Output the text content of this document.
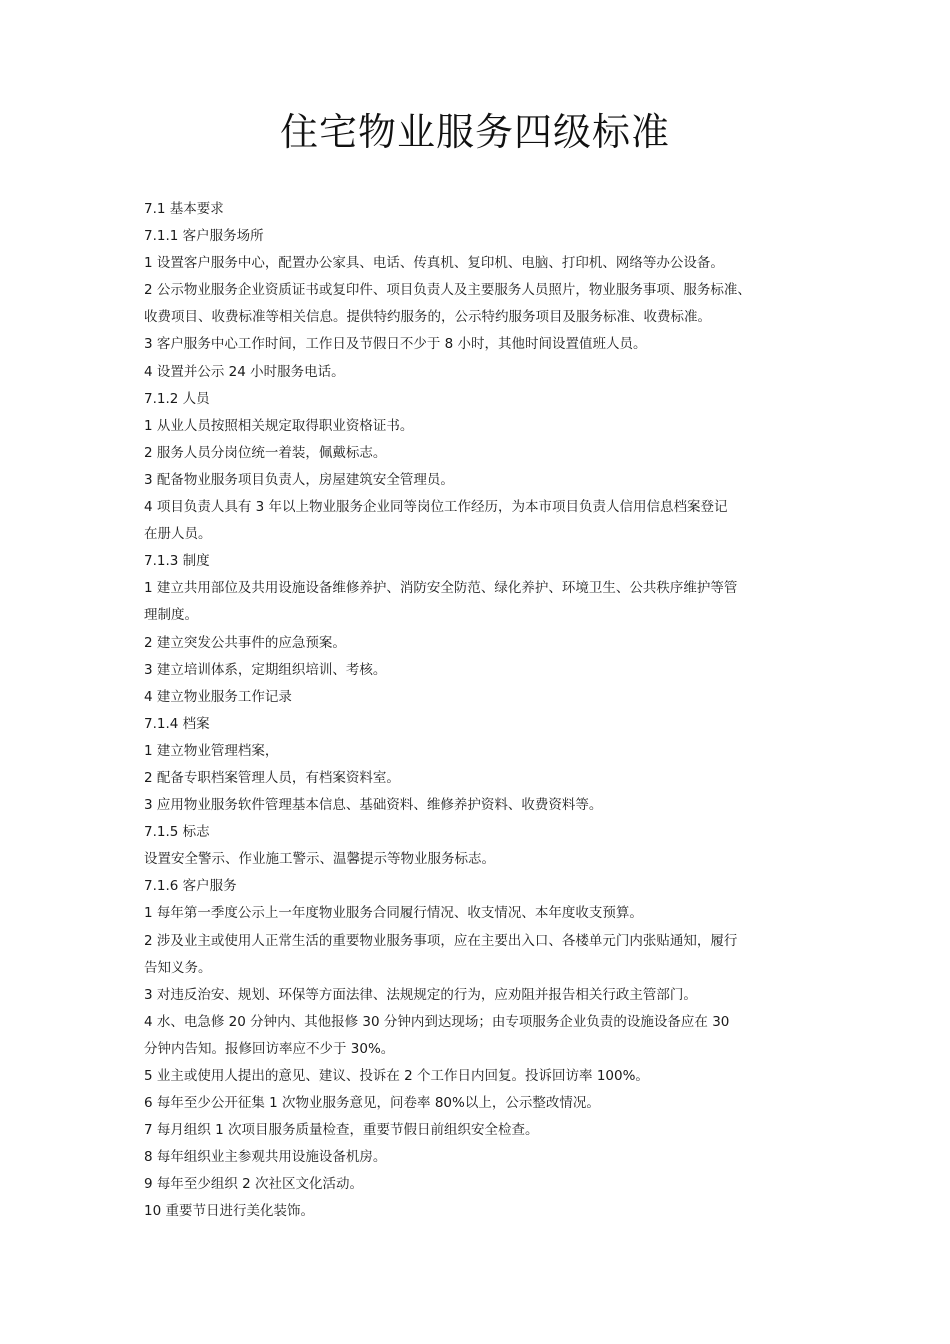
住宅物业服务四级标准

7.1 基本要求

7.1.1 客户服务场所

1 设置客户服务中心，配置办公家具、电话、传真机、复印机、电脑、打印机、网络等办公设备。

2 公示物业服务企业资质证书或复印件、项目负责人及主要服务人员照片，物业服务事项、服务标准、

收费项目、收费标准等相关信息。提供特约服务的，公示特约服务项目及服务标准、收费标准。

3 客户服务中心工作时间，工作日及节假日不少于 8 小时，其他时间设置值班人员。

4 设置并公示 24 小时服务电话。

7.1.2 人员

1 从业人员按照相关规定取得职业资格证书。

2 服务人员分岗位统一着装，佩戴标志。

3 配备物业服务项目负责人，房屋建筑安全管理员。

4 项目负责人具有 3 年以上物业服务企业同等岗位工作经历，为本市项目负责人信用信息档案登记

在册人员。

7.1.3 制度

1 建立共用部位及共用设施设备维修养护、消防安全防范、绿化养护、环境卫生、公共秩序维护等管

理制度。

2 建立突发公共事件的应急预案。

3 建立培训体系，定期组织培训、考核。

4 建立物业服务工作记录

7.1.4 档案

1 建立物业管理档案，

2 配备专职档案管理人员，有档案资料室。

3 应用物业服务软件管理基本信息、基础资料、维修养护资料、收费资料等。

7.1.5 标志

设置安全警示、作业施工警示、温馨提示等物业服务标志。

7.1.6 客户服务

1 每年第一季度公示上一年度物业服务合同履行情况、收支情况、本年度收支预算。

2 涉及业主或使用人正常生活的重要物业服务事项，应在主要出入口、各楼单元门内张贴通知，履行

告知义务。

3 对违反治安、规划、环保等方面法律、法规规定的行为，应劝阻并报告相关行政主管部门。

4 水、电急修 20 分钟内、其他报修 30 分钟内到达现场；由专项服务企业负责的设施设备应在 30

分钟内告知。报修回访率应不少于 30%。

5 业主或使用人提出的意见、建议、投诉在 2 个工作日内回复。投诉回访率 100%。

6 每年至少公开征集 1 次物业服务意见，问卷率 80%以上，公示整改情况。

7 每月组织 1 次项目服务质量检查，重要节假日前组织安全检查。

8 每年组织业主参观共用设施设备机房。

9 每年至少组织 2 次社区文化活动。

10 重要节日进行美化装饰。
